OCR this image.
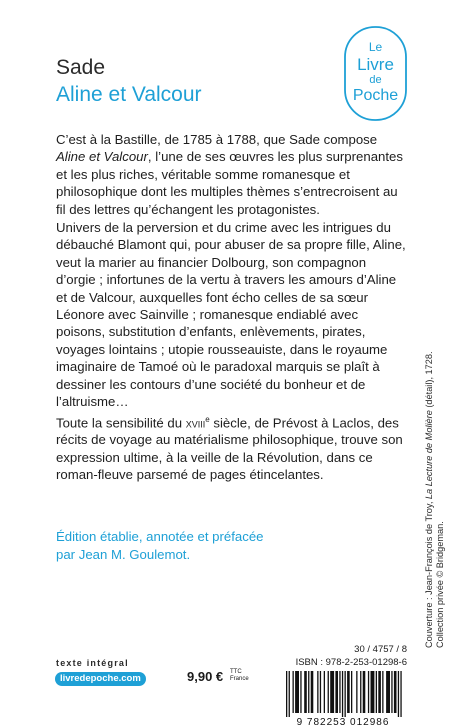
Sade
Aline et Valcour
Le
Livre
de
Poche

C’est à la Bastille, de 1785 à 1788, que Sade compose Aline et Valcour, l’une de ses œuvres les plus surprenantes et les plus riches, véritable somme romanesque et philosophique dont les multiples thèmes s’entrecroisent au fil des lettres qu’échangent les protagonistes.

Univers de la perversion et du crime avec les intrigues du débauché Blamont qui, pour abuser de sa propre fille, Aline, veut la marier au financier Dolbourg, son compagnon d’orgie ; infortunes de la vertu à travers les amours d’Aline et de Valcour, auxquelles font écho celles de sa sœur Léonore avec Sainville ; romanesque endiablé avec poisons, substitution d’enfants, enlèvements, pirates, voyages lointains ; utopie rousseauiste, dans le royaume imaginaire de Tamoé où le paradoxal marquis se plaît à dessiner les contours d’une société du bonheur et de l’altruisme…

Toute la sensibilité du xviii$^e$ siècle, de Prévost à Laclos, des récits de voyage au matérialisme philosophique, trouve son expression ultime, à la veille de la Révolution, dans ce roman-fleuve parsemé de pages étincelantes.

Édition établie, annotée et préfacée

par Jean M. Goulemot.	Couverture : Jean-François de Troy, La Lecture de Molière (détail), 1728.
Collection privée © Bridgeman.
texte intégral
livredepoche.com	9,90 € TTC
France
30 / 4757 / 8
ISBN : 978-2-253-01298-6
9 782253 012986
